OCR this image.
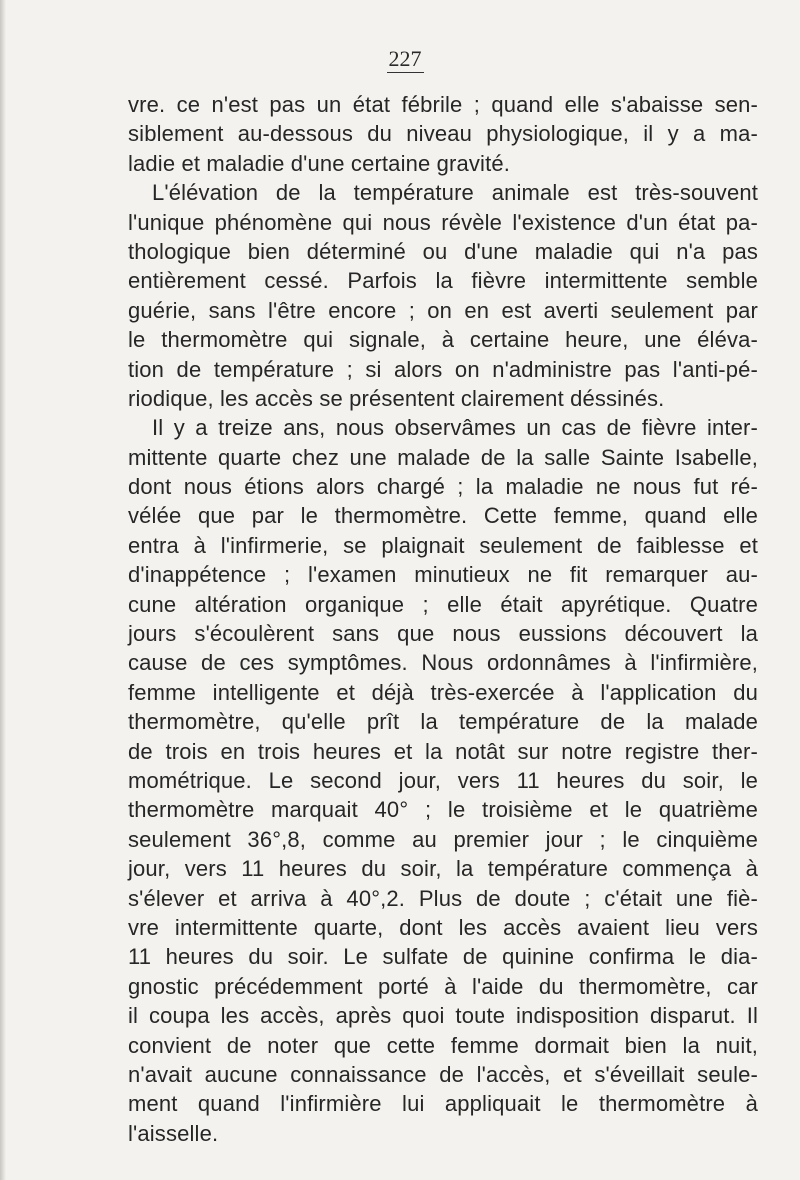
227
vre. ce n'est pas un état fébrile ; quand elle s'abaisse sen-
siblement au-dessous du niveau physiologique, il y a ma-
ladie et maladie d'une certaine gravité.
L'élévation de la température animale est très-souvent
l'unique phénomène qui nous révèle l'existence d'un état pa-
thologique bien déterminé ou d'une maladie qui n'a pas
entièrement cessé. Parfois la fièvre intermittente semble
guérie, sans l'être encore ; on en est averti seulement par
le thermomètre qui signale, à certaine heure, une éléva-
tion de température ; si alors on n'administre pas l'anti-pé-
riodique, les accès se présentent clairement déssinés.
Il y a treize ans, nous observâmes un cas de fièvre inter-
mittente quarte chez une malade de la salle Sainte Isabelle,
dont nous étions alors chargé ; la maladie ne nous fut ré-
vélée que par le thermomètre. Cette femme, quand elle
entra à l'infirmerie, se plaignait seulement de faiblesse et
d'inappétence ; l'examen minutieux ne fit remarquer au-
cune altération organique ; elle était apyrétique. Quatre
jours s'écoulèrent sans que nous eussions découvert la
cause de ces symptômes. Nous ordonnâmes à l'infirmière,
femme intelligente et déjà très-exercée à l'application du
thermomètre, qu'elle prît la température de la malade
de trois en trois heures et la notât sur notre registre ther-
mométrique. Le second jour, vers 11 heures du soir, le
thermomètre marquait 40° ; le troisième et le quatrième
seulement 36°,8, comme au premier jour ; le cinquième
jour, vers 11 heures du soir, la température commença à
s'élever et arriva à 40°,2. Plus de doute ; c'était une fiè-
vre intermittente quarte, dont les accès avaient lieu vers
11 heures du soir. Le sulfate de quinine confirma le dia-
gnostic précédemment porté à l'aide du thermomètre, car
il coupa les accès, après quoi toute indisposition disparut. Il
convient de noter que cette femme dormait bien la nuit,
n'avait aucune connaissance de l'accès, et s'éveillait seule-
ment quand l'infirmière lui appliquait le thermomètre à
l'aisselle.
